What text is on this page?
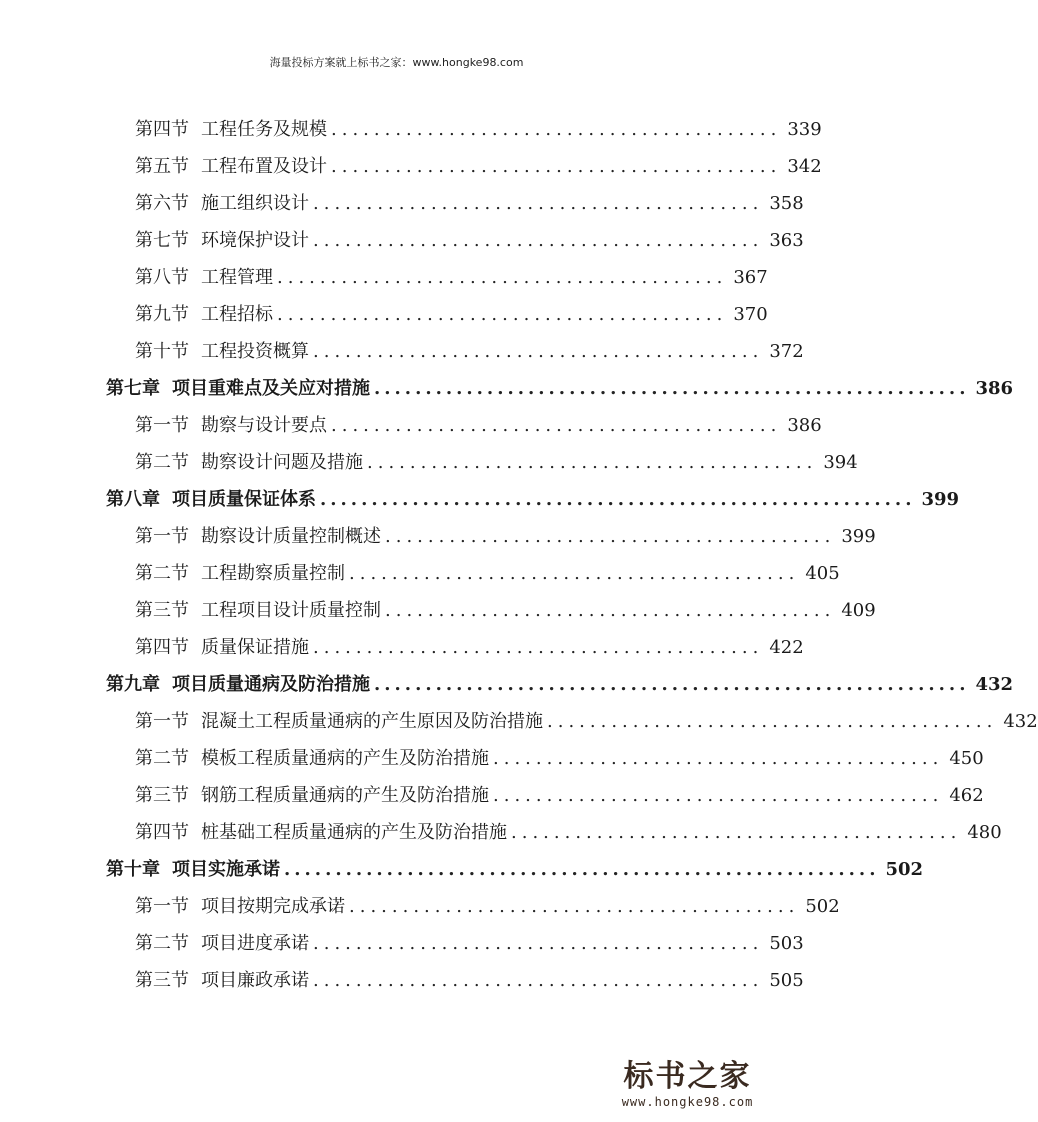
海量投标方案就上标书之家：www.hongke98.com
第四节 工程任务及规模 .......................................... 339
第五节 工程布置及设计 .......................................... 342
第六节 施工组织设计 .......................................... 358
第七节 环境保护设计 .......................................... 363
第八节 工程管理 .......................................... 367
第九节 工程招标 .......................................... 370
第十节 工程投资概算 .......................................... 372
第七章 项目重难点及关应对措施 .......................................................... 386
第一节 勘察与设计要点 .......................................... 386
第二节 勘察设计问题及措施 .......................................... 394
第八章 项目质量保证体系 .......................................................... 399
第一节 勘察设计质量控制概述 .......................................... 399
第二节 工程勘察质量控制 .......................................... 405
第三节 工程项目设计质量控制 .......................................... 409
第四节 质量保证措施 .......................................... 422
第九章 项目质量通病及防治措施 .......................................................... 432
第一节 混凝土工程质量通病的产生原因及防治措施 .......................................... 432
第二节 模板工程质量通病的产生及防治措施 .......................................... 450
第三节 钢筋工程质量通病的产生及防治措施 .......................................... 462
第四节 桩基础工程质量通病的产生及防治措施 .......................................... 480
第十章 项目实施承诺 .......................................................... 502
第一节 项目按期完成承诺 .......................................... 502
第二节 项目进度承诺 .......................................... 503
第三节 项目廉政承诺 .......................................... 505
标书之家
www.hongke98.com
